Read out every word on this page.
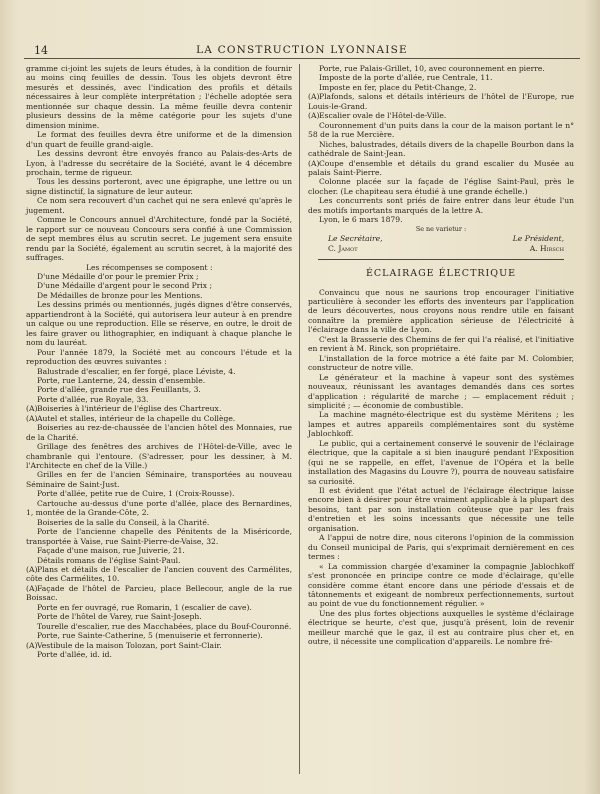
14	LA CONSTRUCTION LYONNAISE

gramme ci-joint les sujets de leurs études, à la condition de fournir au moins cinq feuilles de dessin. Tous les objets devront être mesurés et dessinés, avec l'indication des profils et détails nécessaires à leur complète interprétation ; l'échelle adoptée sera mentionnée sur chaque dessin. La même feuille devra contenir plusieurs dessins de la même catégorie pour les sujets d'une dimension minime.

Le format des feuilles devra être uniforme et de la dimension d'un quart de feuille grand-aigle.

Les dessins devront être envoyés franco au Palais-des-Arts de Lyon, à l'adresse du secrétaire de la Société, avant le 4 décembre prochain, terme de rigueur.

Tous les dessins porteront, avec une épigraphe, une lettre ou un signe distinctif, la signature de leur auteur.

Ce nom sera recouvert d'un cachet qui ne sera enlevé qu'après le jugement.

Comme le Concours annuel d'Architecture, fondé par la Société, le rapport sur ce nouveau Concours sera confié à une Commission de sept membres élus au scrutin secret. Le jugement sera ensuite rendu par la Société, également au scrutin secret, à la majorité des suffrages.

Les récompenses se composent :

D'une Médaille d'or pour le premier Prix ;

D'une Médaille d'argent pour le second Prix ;

De Médailles de bronze pour les Mentions.

Les dessins primés ou mentionnés, jugés dignes d'être conservés, appartiendront à la Société, qui autorisera leur auteur à en prendre un calque ou une reproduction. Elle se réserve, en outre, le droit de les faire graver ou lithographier, en indiquant à chaque planche le nom du lauréat.

Pour l'année 1879, la Société met au concours l'étude et la reproduction des œuvres suivantes :

Balustrade d'escalier, en fer forgé, place Léviste, 4.

Porte, rue Lanterne, 24, dessin d'ensemble.

Porte d'allée, grande rue des Feuillants, 3.

Porte d'allée, rue Royale, 33.

(A)Boiseries à l'intérieur de l'église des Chartreux.

(A)Autel et stalles, intérieur de la chapelle du Collège.

Boiseries au rez-de-chaussée de l'ancien hôtel des Monnaies, rue de la Charité.

Grillage des fenêtres des archives de l'Hôtel-de-Ville, avec le chambranle qui l'entoure. (S'adresser, pour les dessiner, à M. l'Architecte en chef de la Ville.)

Grilles en fer de l'ancien Séminaire, transportées au nouveau Séminaire de Saint-Just.

Porte d'allée, petite rue de Cuire, 1 (Croix-Rousse).

Cartouche au-dessus d'une porte d'allée, place des Bernardines, 1, montée de la Grande-Côte, 2.

Boiseries de la salle du Conseil, à la Charité.

Porte de l'ancienne chapelle des Pénitents de la Miséricorde, transportée à Vaise, rue Saint-Pierre-de-Vaise, 32.

Façade d'une maison, rue Juiverie, 21.

Détails romans de l'église Saint-Paul.

(A)Plans et détails de l'escalier de l'ancien couvent des Carmélites, côte des Carmélites, 10.

(A)Façade de l'hôtel de Parcieu, place Bellecour, angle de la rue Boissac.

Porte en fer ouvragé, rue Romarin, 1 (escalier de cave).

Porte de l'hôtel de Varey, rue Saint-Joseph.

Tourelle d'escalier, rue des Macchabées, place du Bouf-Couronné.

Porte, rue Sainte-Catherine, 5 (menuiserie et ferronnerie).

(A)Vestibule de la maison Tolozan, port Saint-Clair.

Porte d'allée, id. id.

Porte, rue Palais-Grillet, 10, avec couronnement en pierre.

Imposte de la porte d'allée, rue Centrale, 11.

Imposte en fer, place du Petit-Change, 2.

(A)Plafonds, salons et détails intérieurs de l'hôtel de l'Europe, rue Louis-le-Grand.

(A)Escalier ovale de l'Hôtel-de-Ville.

Couronnement d'un puits dans la cour de la maison portant le n° 58 de la rue Mercière.

Niches, balustrades, détails divers de la chapelle Bourbon dans la cathédrale de Saint-Jean.

(A)Coupe d'ensemble et détails du grand escalier du Musée au palais Saint-Pierre.

Colonne placée sur la façade de l'église Saint-Paul, près le clocher. (Le chapiteau sera étudié à une grande échelle.)

Les concurrents sont priés de faire entrer dans leur étude l'un des motifs importants marqués de la lettre A.

Lyon, le 6 mars 1879.

Se ne varietur :

Le Secrétaire,	Le Président,
C. Jamot	A. Hirsch
ÉCLAIRAGE ÉLECTRIQUE

Convaincu que nous ne saurions trop encourager l'initiative particulière à seconder les efforts des inventeurs par l'application de leurs découvertes, nous croyons nous rendre utile en faisant connaître la première application sérieuse de l'électricité à l'éclairage dans la ville de Lyon.

C'est la Brasserie des Chemins de fer qui l'a réalisé, et l'initiative en revient à M. Rinck, son propriétaire.

L'installation de la force motrice a été faite par M. Colombier, constructeur de notre ville.

Le générateur et la machine à vapeur sont des systèmes nouveaux, réunissant les avantages demandés dans ces sortes d'application : régularité de marche ; — emplacement réduit ; simplicité ; — économie de combustible.

La machine magnéto-électrique est du système Méritens ; les lampes et autres appareils complémentaires sont du système Jablochkoff.

Le public, qui a certainement conservé le souvenir de l'éclairage électrique, que la capitale a si bien inauguré pendant l'Exposition (qui ne se rappelle, en effet, l'avenue de l'Opéra et la belle installation des Magasins du Louvre ?), pourra de nouveau satisfaire sa curiosité.

Il est évident que l'état actuel de l'éclairage électrique laisse encore bien à désirer pour être vraiment applicable à la plupart des besoins, tant par son installation coûteuse que par les frais d'entretien et les soins incessants que nécessite une telle organisation.

A l'appui de notre dire, nous citerons l'opinion de la commission du Conseil municipal de Paris, qui s'exprimait dernièrement en ces termes :

« La commission chargée d'examiner la compagnie Jablochkoff s'est prononcée en principe contre ce mode d'éclairage, qu'elle considère comme étant encore dans une période d'essais et de tâtonnements et exigeant de nombreux perfectionnements, surtout au point de vue du fonctionnement régulier. »

Une des plus fortes objections auxquelles le système d'éclairage électrique se heurte, c'est que, jusqu'à présent, loin de revenir meilleur marché que le gaz, il est au contraire plus cher et, en outre, il nécessite une complication d'appareils. Le nombre fré-
